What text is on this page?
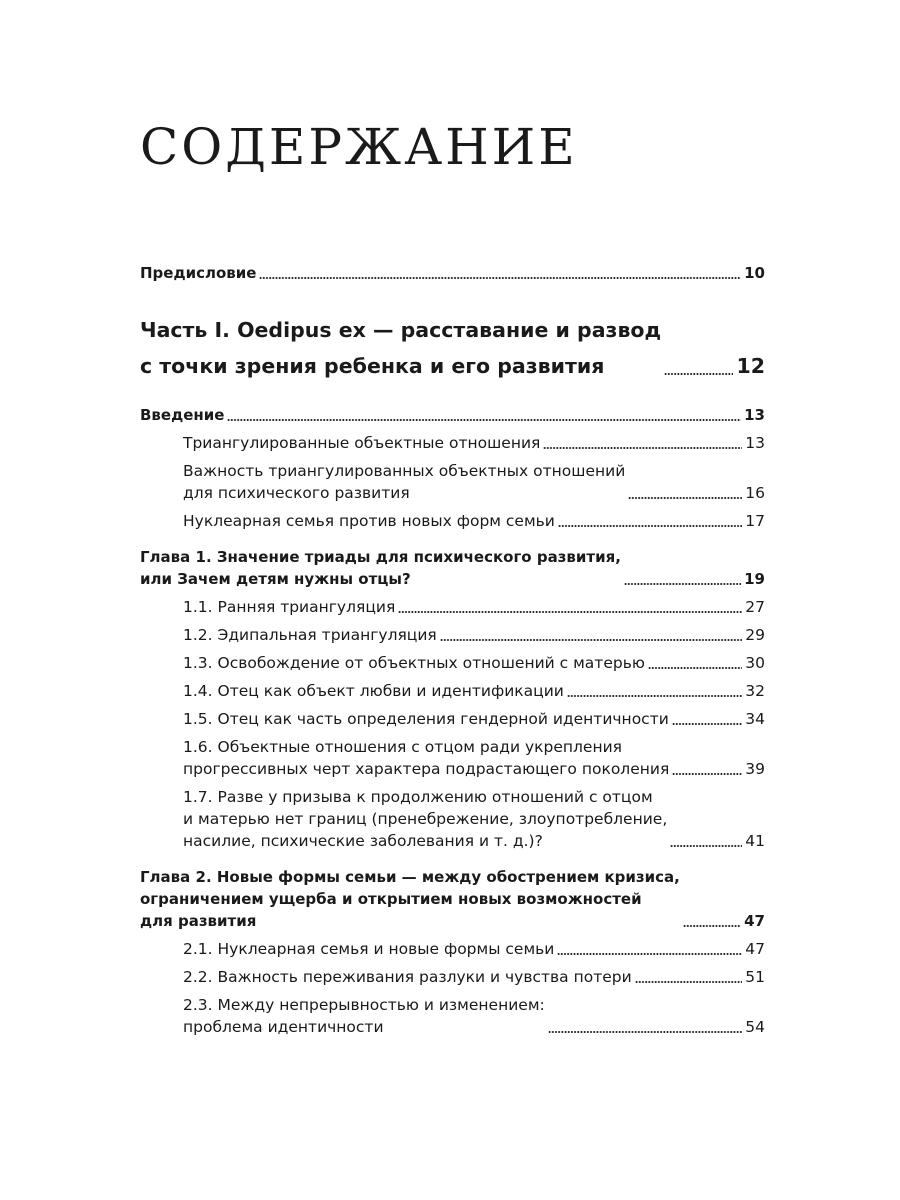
СОДЕРЖАНИЕ
Предисловие	10
Часть I. Oedipus ex — расставание и развод
с точки зрения ребенка и его развития	12
Введение	13
Триангулированные объектные отношения	13
Важность триангулированных объектных отношений
для психического развития	16
Нуклеарная семья против новых форм семьи	17
Глава 1. Значение триады для психического развития,
или Зачем детям нужны отцы?	19
1.1. Ранняя триангуляция	27
1.2. Эдипальная триангуляция	29
1.3. Освобождение от объектных отношений с матерью	30
1.4. Отец как объект любви и идентификации	32
1.5. Отец как часть определения гендерной идентичности	34
1.6. Объектные отношения с отцом ради укрепления
прогрессивных черт характера подрастающего поколения	39
1.7. Разве у призыва к продолжению отношений с отцом
и матерью нет границ (пренебрежение, злоупотребление,
насилие, психические заболевания и т. д.)?	41
Глава 2. Новые формы семьи — между обострением кризиса,
ограничением ущерба и открытием новых возможностей
для развития	47
2.1. Нуклеарная семья и новые формы семьи	47
2.2. Важность переживания разлуки и чувства потери	51
2.3. Между непрерывностью и изменением:
проблема идентичности	54
